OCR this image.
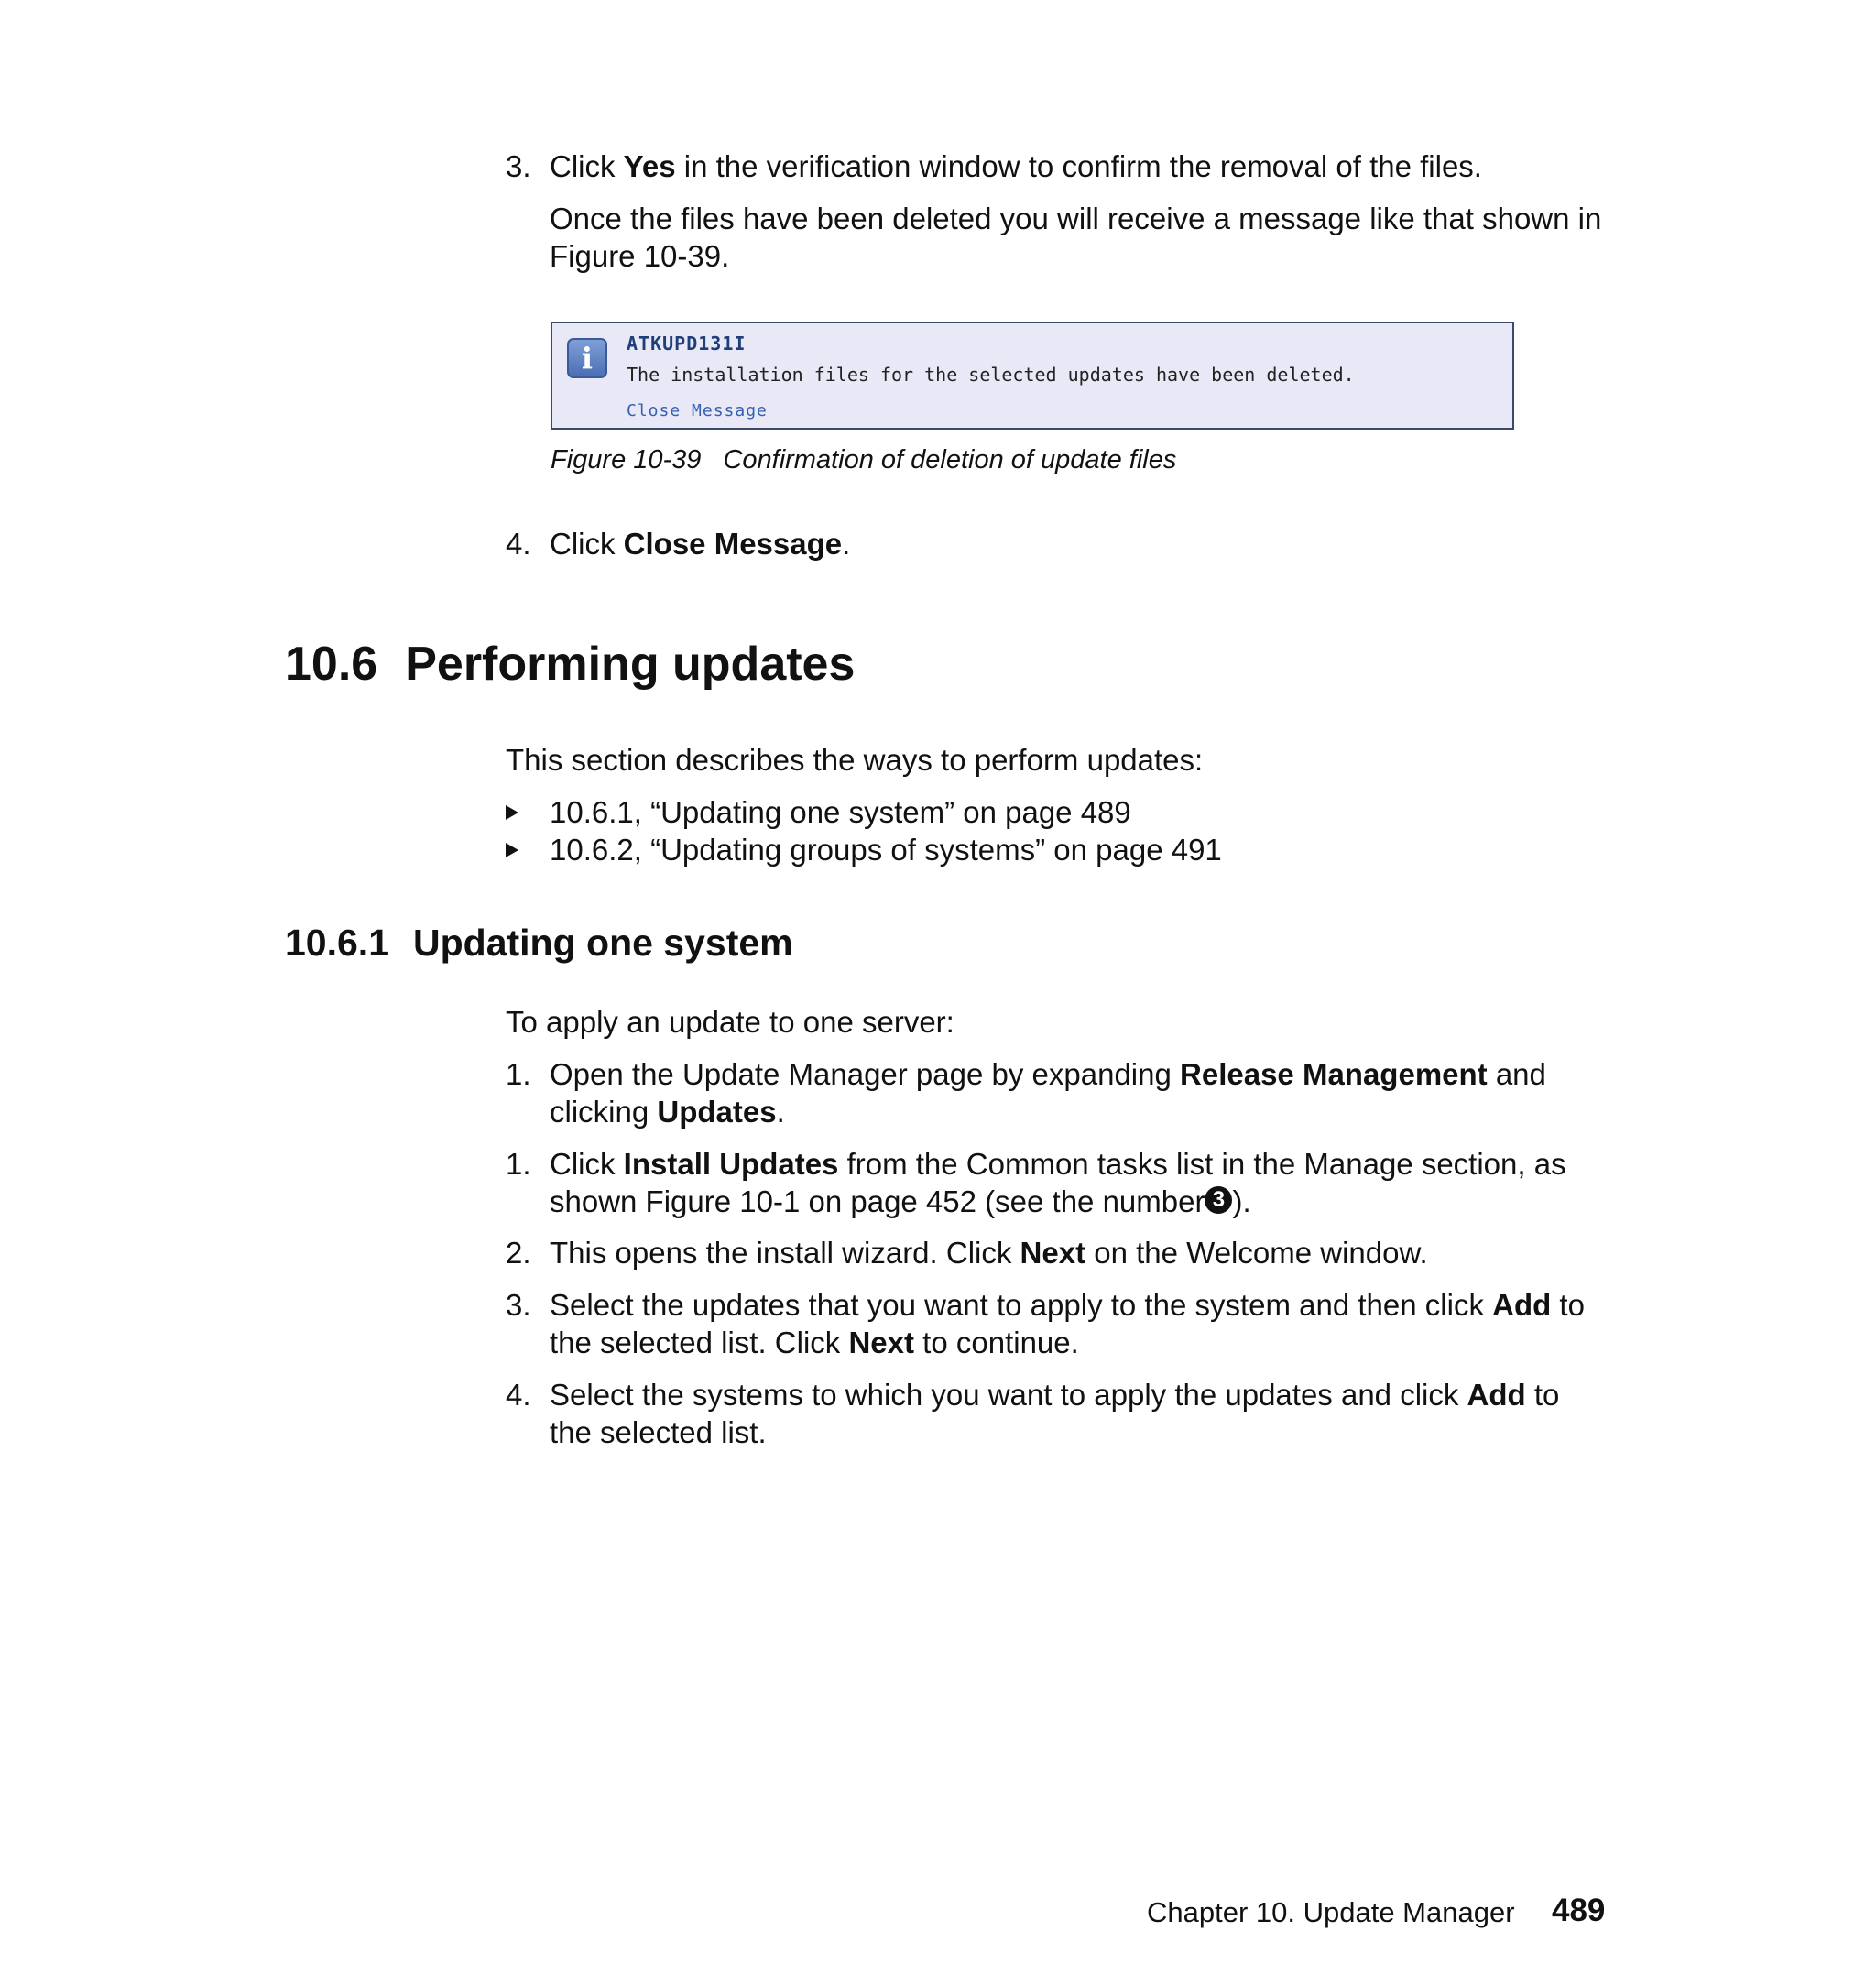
3. Click Yes in the verification window to confirm the removal of the files.
Once the files have been deleted you will receive a message like that shown in Figure 10-39.
i	ATKUPD131I
The installation files for the selected updates have been deleted.
Close Message
Figure 10-39 Confirmation of deletion of update files
4. Click Close Message.
10.6 Performing updates
This section describes the ways to perform updates:
10.6.1, “Updating one system” on page 489
10.6.2, “Updating groups of systems” on page 491
10.6.1 Updating one system
To apply an update to one server:
1. Open the Update Manager page by expanding Release Management and clicking Updates.
1. Click Install Updates from the Common tasks list in the Manage section, as shown Figure 10-1 on page 452 (see the number 3 ).
2. This opens the install wizard. Click Next on the Welcome window.
3. Select the updates that you want to apply to the system and then click Add to the selected list. Click Next to continue.
4. Select the systems to which you want to apply the updates and click Add to the selected list.
Chapter 10. Update Manager 489
